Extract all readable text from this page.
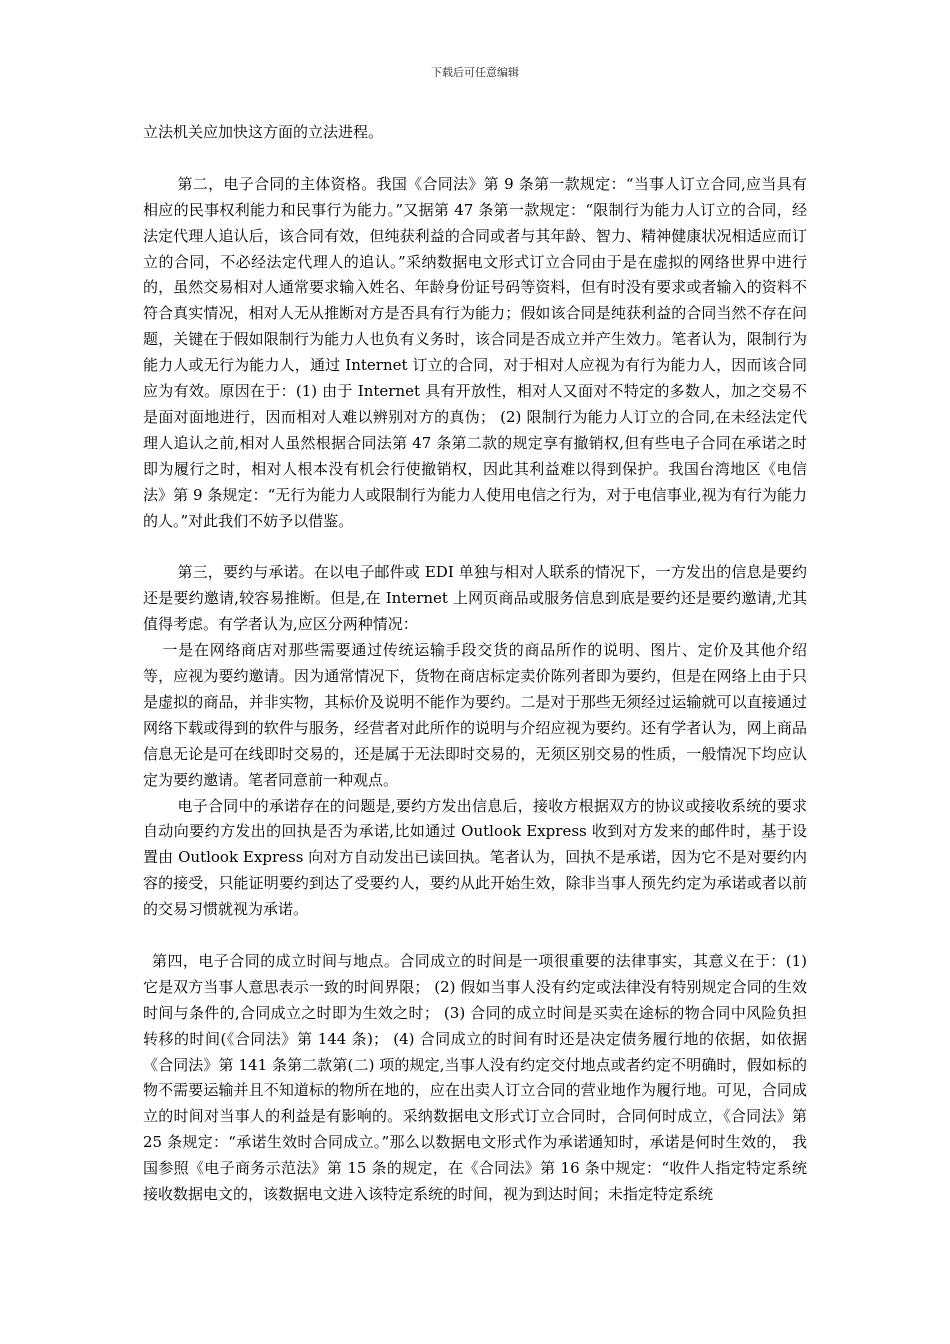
下载后可任意编辑

立法机关应加快这方面的立法进程。

第二，电子合同的主体资格。我国《合同法》第 9 条第一款规定：“当事人订立合同,应当具有相应的民事权利能力和民事行为能力。”又据第 47 条第一款规定：“限制行为能力人订立的合同，经法定代理人追认后，该合同有效，但纯获利益的合同或者与其年龄、智力、精神健康状况相适应而订立的合同，不必经法定代理人的追认。”采纳数据电文形式订立合同由于是在虚拟的网络世界中进行的，虽然交易相对人通常要求输入姓名、年龄身份证号码等资料，但有时没有要求或者输入的资料不符合真实情况，相对人无从推断对方是否具有行为能力；假如该合同是纯获利益的合同当然不存在问题，关键在于假如限制行为能力人也负有义务时，该合同是否成立并产生效力。笔者认为，限制行为能力人或无行为能力人，通过 Internet 订立的合同，对于相对人应视为有行为能力人，因而该合同应为有效。原因在于：(1) 由于 Internet 具有开放性，相对人又面对不特定的多数人，加之交易不是面对面地进行，因而相对人难以辨别对方的真伪； (2) 限制行为能力人订立的合同,在未经法定代理人追认之前,相对人虽然根据合同法第 47 条第二款的规定享有撤销权,但有些电子合同在承诺之时即为履行之时，相对人根本没有机会行使撤销权，因此其利益难以得到保护。我国台湾地区《电信法》第 9 条规定：“无行为能力人或限制行为能力人使用电信之行为，对于电信事业,视为有行为能力的人。”对此我们不妨予以借鉴。

第三，要约与承诺。在以电子邮件或 EDI 单独与相对人联系的情况下，一方发出的信息是要约还是要约邀请,较容易推断。但是,在 Internet 上网页商品或服务信息到底是要约还是要约邀请,尤其值得考虑。有学者认为,应区分两种情况：

一是在网络商店对那些需要通过传统运输手段交货的商品所作的说明、图片、定价及其他介绍等，应视为要约邀请。因为通常情况下，货物在商店标定卖价陈列者即为要约，但是在网络上由于只是虚拟的商品，并非实物，其标价及说明不能作为要约。二是对于那些无须经过运输就可以直接通过网络下载或得到的软件与服务，经营者对此所作的说明与介绍应视为要约。还有学者认为，网上商品信息无论是可在线即时交易的，还是属于无法即时交易的，无须区别交易的性质，一般情况下均应认定为要约邀请。笔者同意前一种观点。

电子合同中的承诺存在的问题是,要约方发出信息后，接收方根据双方的协议或接收系统的要求自动向要约方发出的回执是否为承诺,比如通过 Outlook Express 收到对方发来的邮件时，基于设置由 Outlook Express 向对方自动发出已读回执。笔者认为，回执不是承诺，因为它不是对要约内容的接受，只能证明要约到达了受要约人，要约从此开始生效，除非当事人预先约定为承诺或者以前的交易习惯就视为承诺。

第四，电子合同的成立时间与地点。合同成立的时间是一项很重要的法律事实，其意义在于：(1) 它是双方当事人意思表示一致的时间界限； (2) 假如当事人没有约定或法律没有特别规定合同的生效时间与条件的,合同成立之时即为生效之时； (3) 合同的成立时间是买卖在途标的物合同中风险负担转移的时间(《合同法》第 144 条)； (4) 合同成立的时间有时还是决定债务履行地的依据，如依据《合同法》第 141 条第二款第(二) 项的规定,当事人没有约定交付地点或者约定不明确时，假如标的物不需要运输并且不知道标的物所在地的，应在出卖人订立合同的营业地作为履行地。可见，合同成立的时间对当事人的利益是有影响的。采纳数据电文形式订立合同时，合同何时成立，《合同法》第 25 条规定：“承诺生效时合同成立。”那么以数据电文形式作为承诺通知时，承诺是何时生效的， 我国参照《电子商务示范法》第 15 条的规定，在《合同法》第 16 条中规定：“收件人指定特定系统接收数据电文的，该数据电文进入该特定系统的时间，视为到达时间；未指定特定系统
